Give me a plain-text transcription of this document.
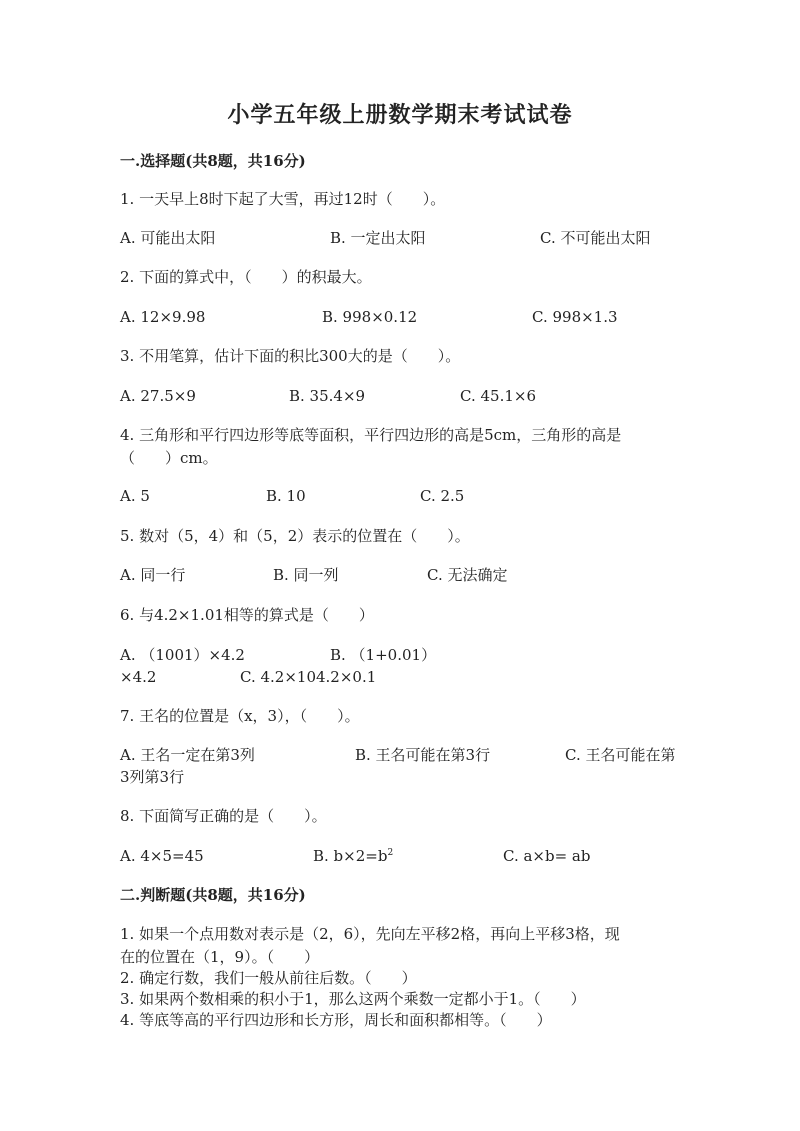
小学五年级上册数学期末考试试卷
一.选择题(共8题，共16分)

1. 一天早上8时下起了大雪，再过12时（　　）。

A. 可能出太阳	B. 一定出太阳	C. 不可能出太阳

2. 下面的算式中，（　　）的积最大。

A. 12×9.98	B. 998×0.12	C. 998×1.3

3. 不用笔算，估计下面的积比300大的是（　　）。

A. 27.5×9	B. 35.4×9	C. 45.1×6

4. 三角形和平行四边形等底等面积，平行四边形的高是5cm，三角形的高是

（　　）cm。

A. 5	B. 10	C. 2.5

5. 数对（5，4）和（5，2）表示的位置在（　　）。

A. 同一行	B. 同一列	C. 无法确定

6. 与4.2×1.01相等的算式是（　　）

A. （1001）×4.2	B. （1+0.01）
×4.2	C. 4.2×104.2×0.1

7. 王名的位置是（x，3），（　　）。

A. 王名一定在第3列	B. 王名可能在第3行	C. 王名可能在第
3列第3行

8. 下面简写正确的是（　　）。

A. 4×5=45	B. $b\times 2=b^2$	C. a×b= ab
二.判断题(共8题，共16分)

1. 如果一个点用数对表示是（2，6），先向左平移2格，再向上平移3格，现

在的位置在（1，9）。（　　）

2. 确定行数，我们一般从前往后数。（　　）

3. 如果两个数相乘的积小于1，那么这两个乘数一定都小于1。（　　）

4. 等底等高的平行四边形和长方形，周长和面积都相等。（　　）
